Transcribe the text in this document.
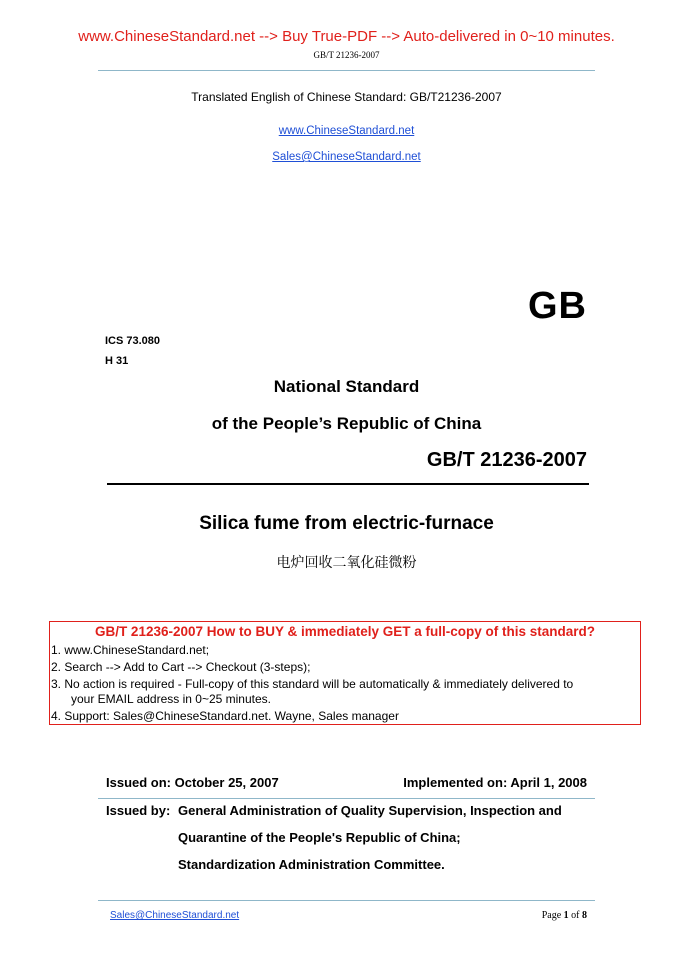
www.ChineseStandard.net --> Buy True-PDF --> Auto-delivered in 0~10 minutes.
GB/T 21236-2007
Translated English of Chinese Standard: GB/T21236-2007
www.ChineseStandard.net
Sales@ChineseStandard.net
GB
ICS 73.080
H 31
National Standard
of the People’s Republic of China
GB/T 21236-2007
Silica fume from electric-furnace
电炉回收二氧化硅微粉
GB/T 21236-2007 How to BUY & immediately GET a full-copy of this standard?
1. www.ChineseStandard.net;
2. Search --> Add to Cart --> Checkout (3-steps);
3. No action is required - Full-copy of this standard will be automatically & immediately delivered to
your EMAIL address in 0~25 minutes.
4. Support: Sales@ChineseStandard.net. Wayne, Sales manager
Issued on: October 25, 2007	Implemented on: April 1, 2008
Issued by: General Administration of Quality Supervision, Inspection and
Quarantine of the People's Republic of China;
Standardization Administration Committee.
Sales@ChineseStandard.net	Page 1 of 8
